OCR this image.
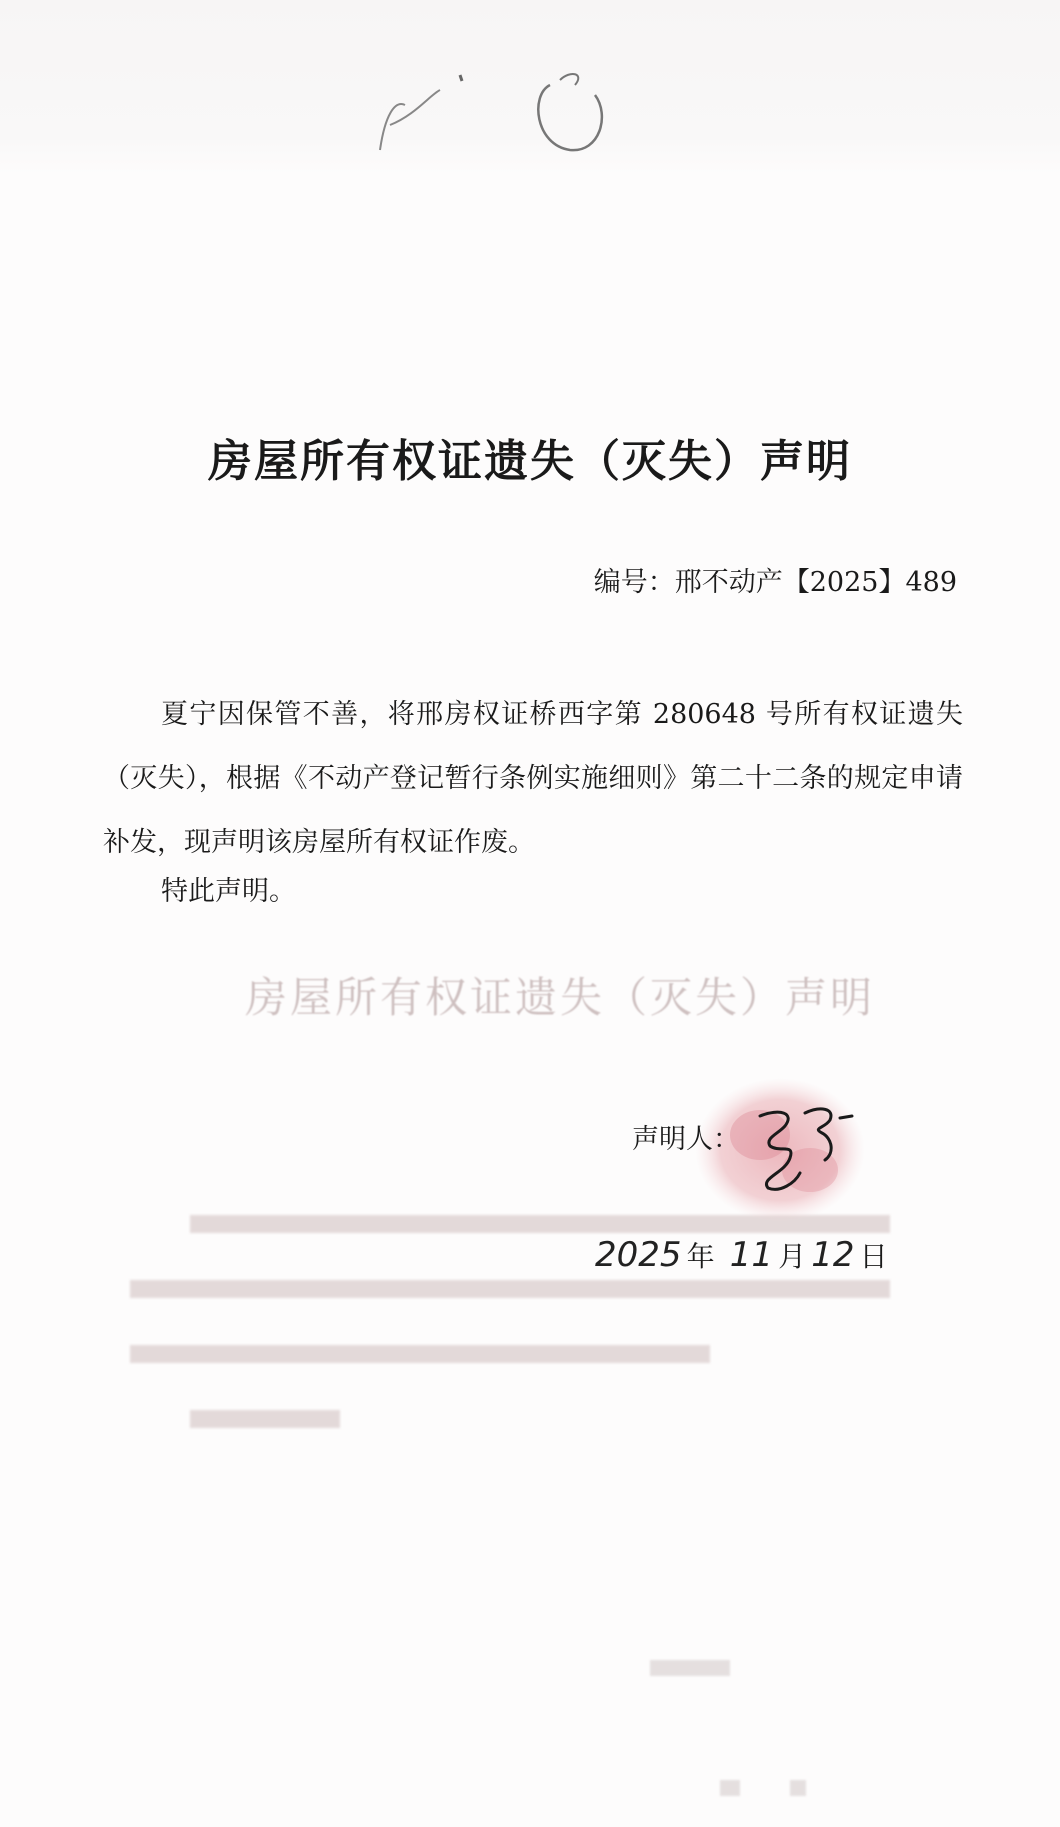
房屋所有权证遗失（灭失）声明
编号：邢不动产【2025】489

夏宁因保管不善，将邢房权证桥西字第 280648 号所有权证遗失（灭失），根据《不动产登记暂行条例实施细则》第二十二条的规定申请补发，现声明该房屋所有权证作废。

特此声明。

房屋所有权证遗失（灭失）声明
声明人：
2025 年 11 月 12 日
